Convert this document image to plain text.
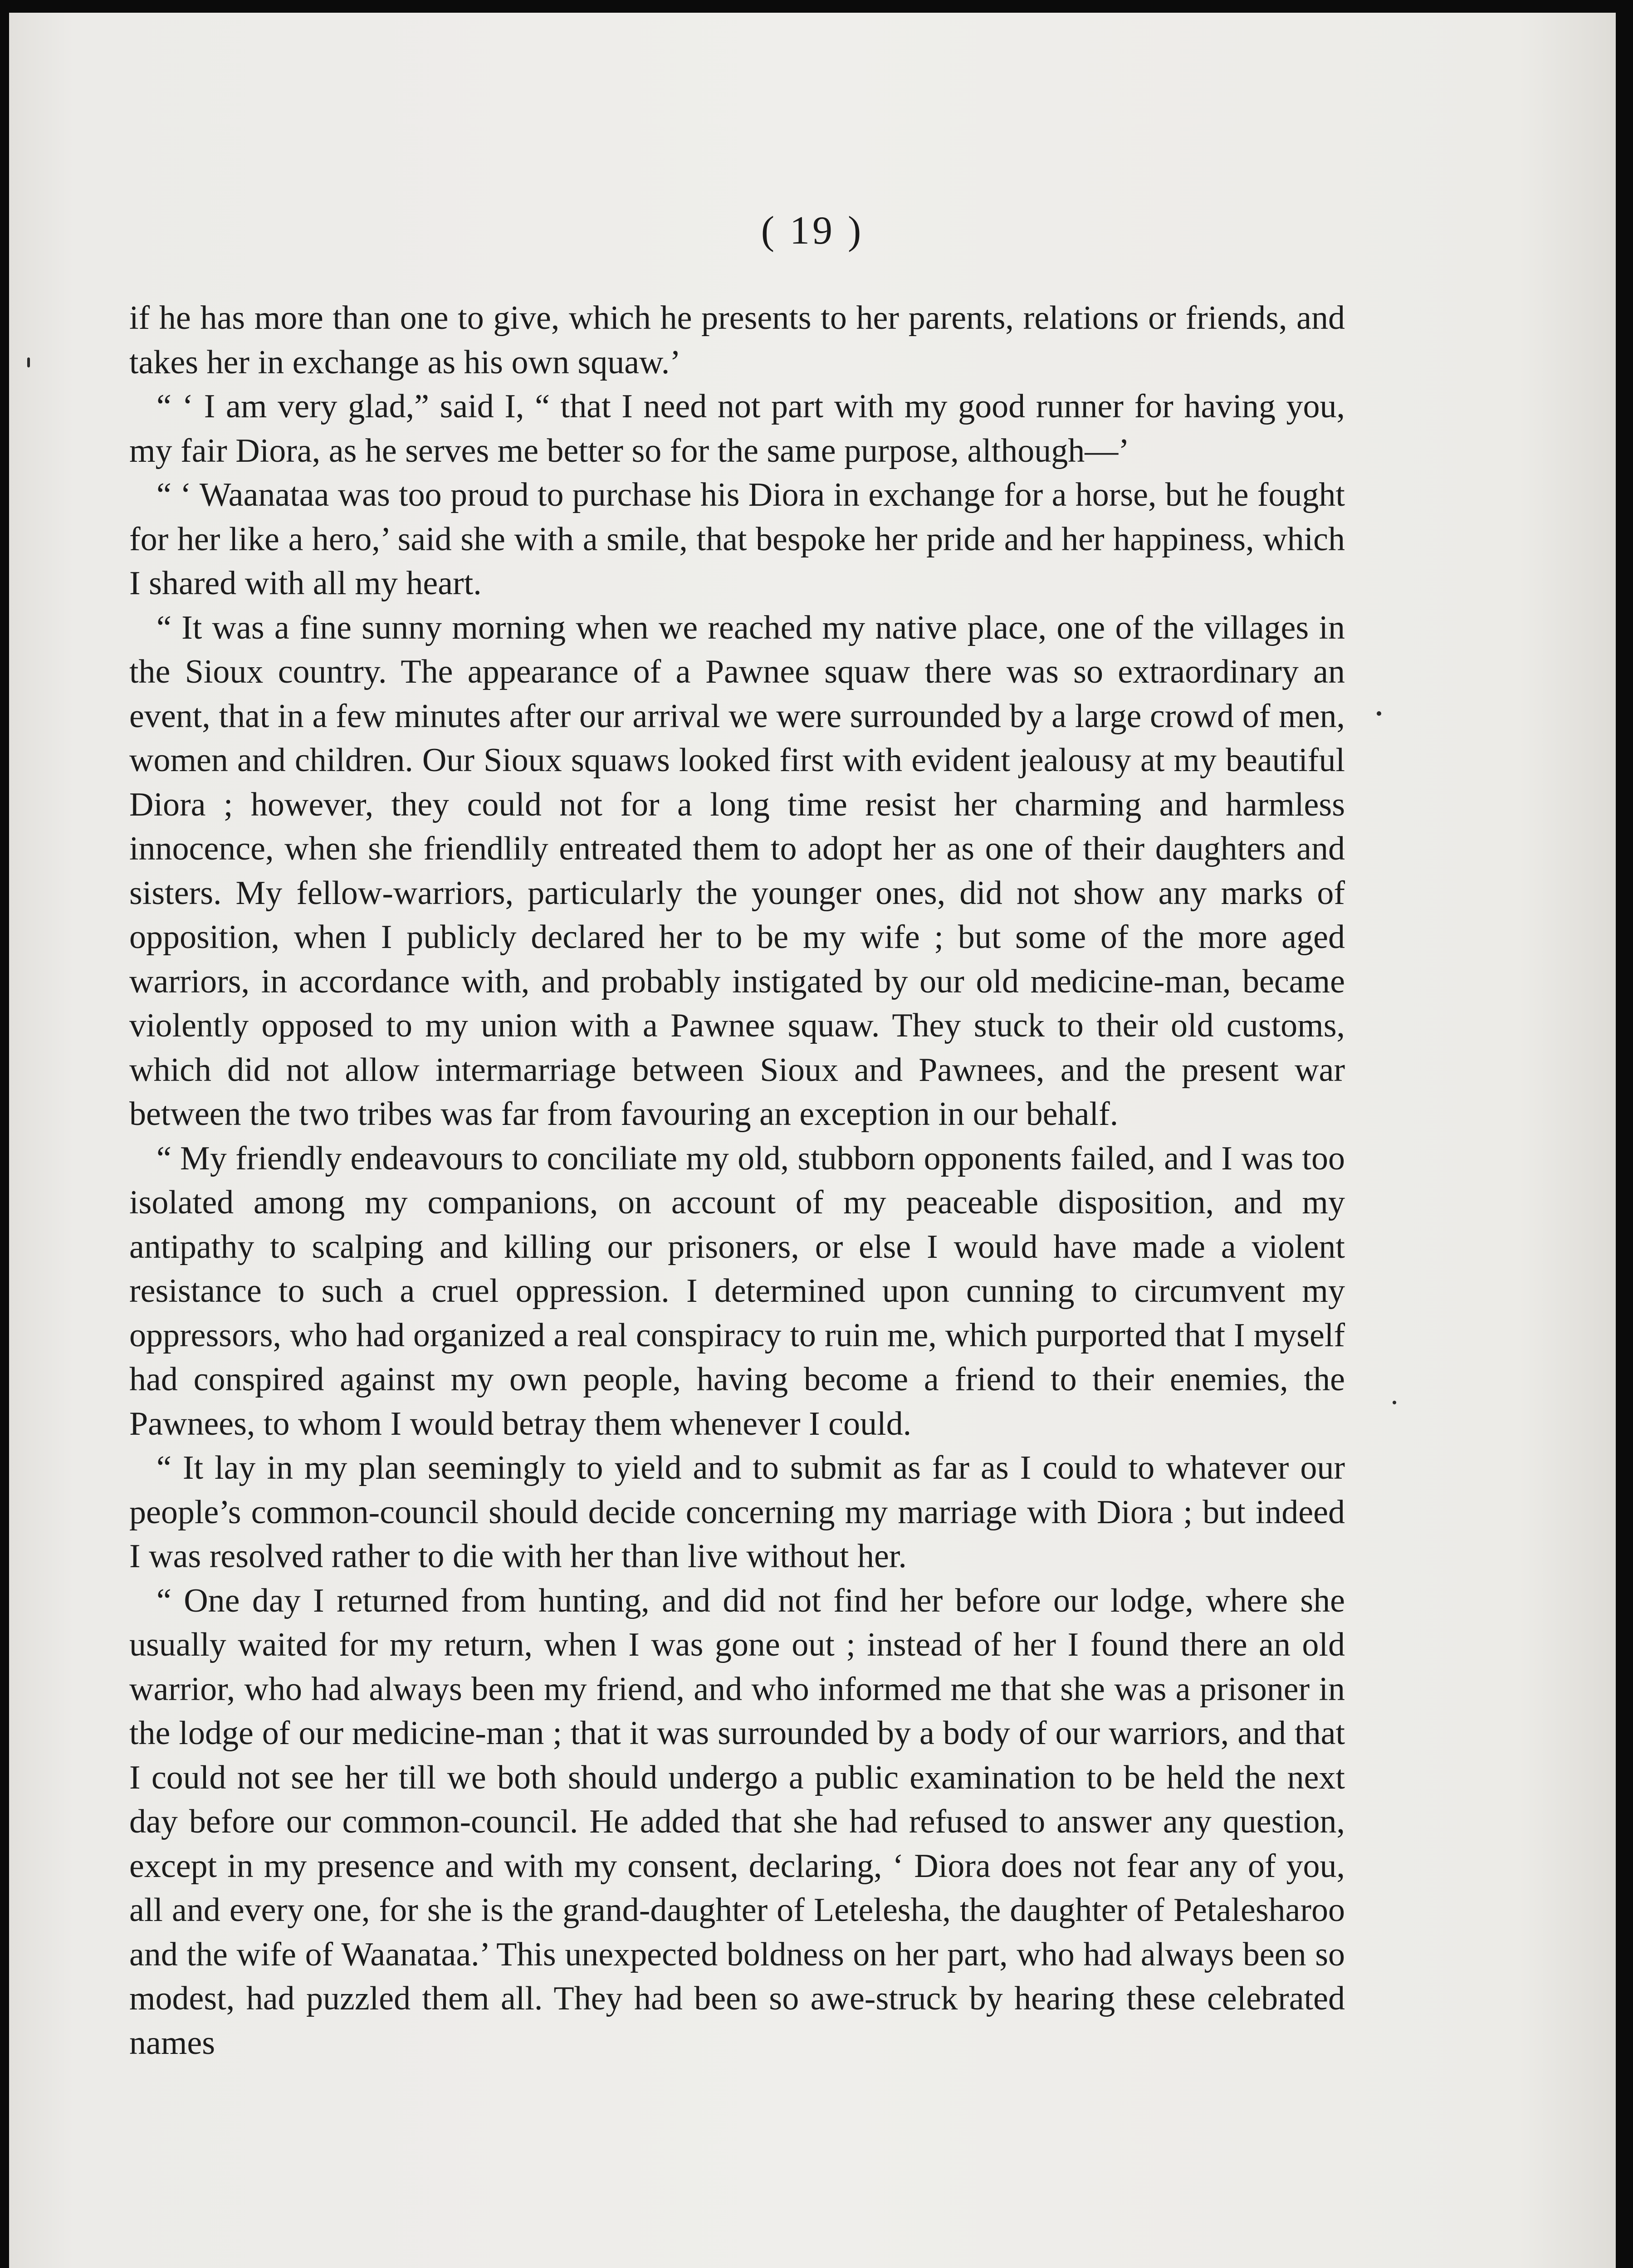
( 19 )

if he has more than one to give, which he presents to her parents, relations or friends, and takes her in exchange as his own squaw.’

“ ‘ I am very glad,” said I, “ that I need not part with my good runner for having you, my fair Diora, as he serves me better so for the same purpose, although—’

“ ‘ Waanataa was too proud to purchase his Diora in exchange for a horse, but he fought for her like a hero,’ said she with a smile, that bespoke her pride and her happiness, which I shared with all my heart.

“ It was a fine sunny morning when we reached my native place, one of the villages in the Sioux country. The appearance of a Pawnee squaw there was so extraordinary an event, that in a few minutes after our arrival we were surrounded by a large crowd of men, women and children. Our Sioux squaws looked first with evident jealousy at my beautiful Diora ; however, they could not for a long time resist her charming and harmless innocence, when she friendlily entreated them to adopt her as one of their daughters and sisters. My fellow-warriors, particularly the younger ones, did not show any marks of opposition, when I publicly declared her to be my wife ; but some of the more aged warriors, in accordance with, and probably instigated by our old medicine-man, became violently opposed to my union with a Pawnee squaw. They stuck to their old customs, which did not allow intermarriage between Sioux and Pawnees, and the present war between the two tribes was far from favouring an exception in our behalf.

“ My friendly endeavours to conciliate my old, stubborn opponents failed, and I was too isolated among my companions, on account of my peaceable disposition, and my antipathy to scalping and killing our prisoners, or else I would have made a violent resistance to such a cruel oppression. I determined upon cunning to circumvent my oppressors, who had organized a real conspiracy to ruin me, which purported that I myself had conspired against my own people, having become a friend to their enemies, the Pawnees, to whom I would betray them whenever I could.

“ It lay in my plan seemingly to yield and to submit as far as I could to whatever our people’s common-council should decide concerning my marriage with Diora ; but indeed I was resolved rather to die with her than live without her.

“ One day I returned from hunting, and did not find her before our lodge, where she usually waited for my return, when I was gone out ; instead of her I found there an old warrior, who had always been my friend, and who informed me that she was a prisoner in the lodge of our medicine-man ; that it was surrounded by a body of our warriors, and that I could not see her till we both should undergo a public examination to be held the next day before our common-council. He added that she had refused to answer any question, except in my presence and with my consent, declaring, ‘ Diora does not fear any of you, all and every one, for she is the grand-daughter of Letelesha, the daughter of Petalesharoo and the wife of Waanataa.’ This unexpected boldness on her part, who had always been so modest, had puzzled them all. They had been so awe-struck by hearing these celebrated names
